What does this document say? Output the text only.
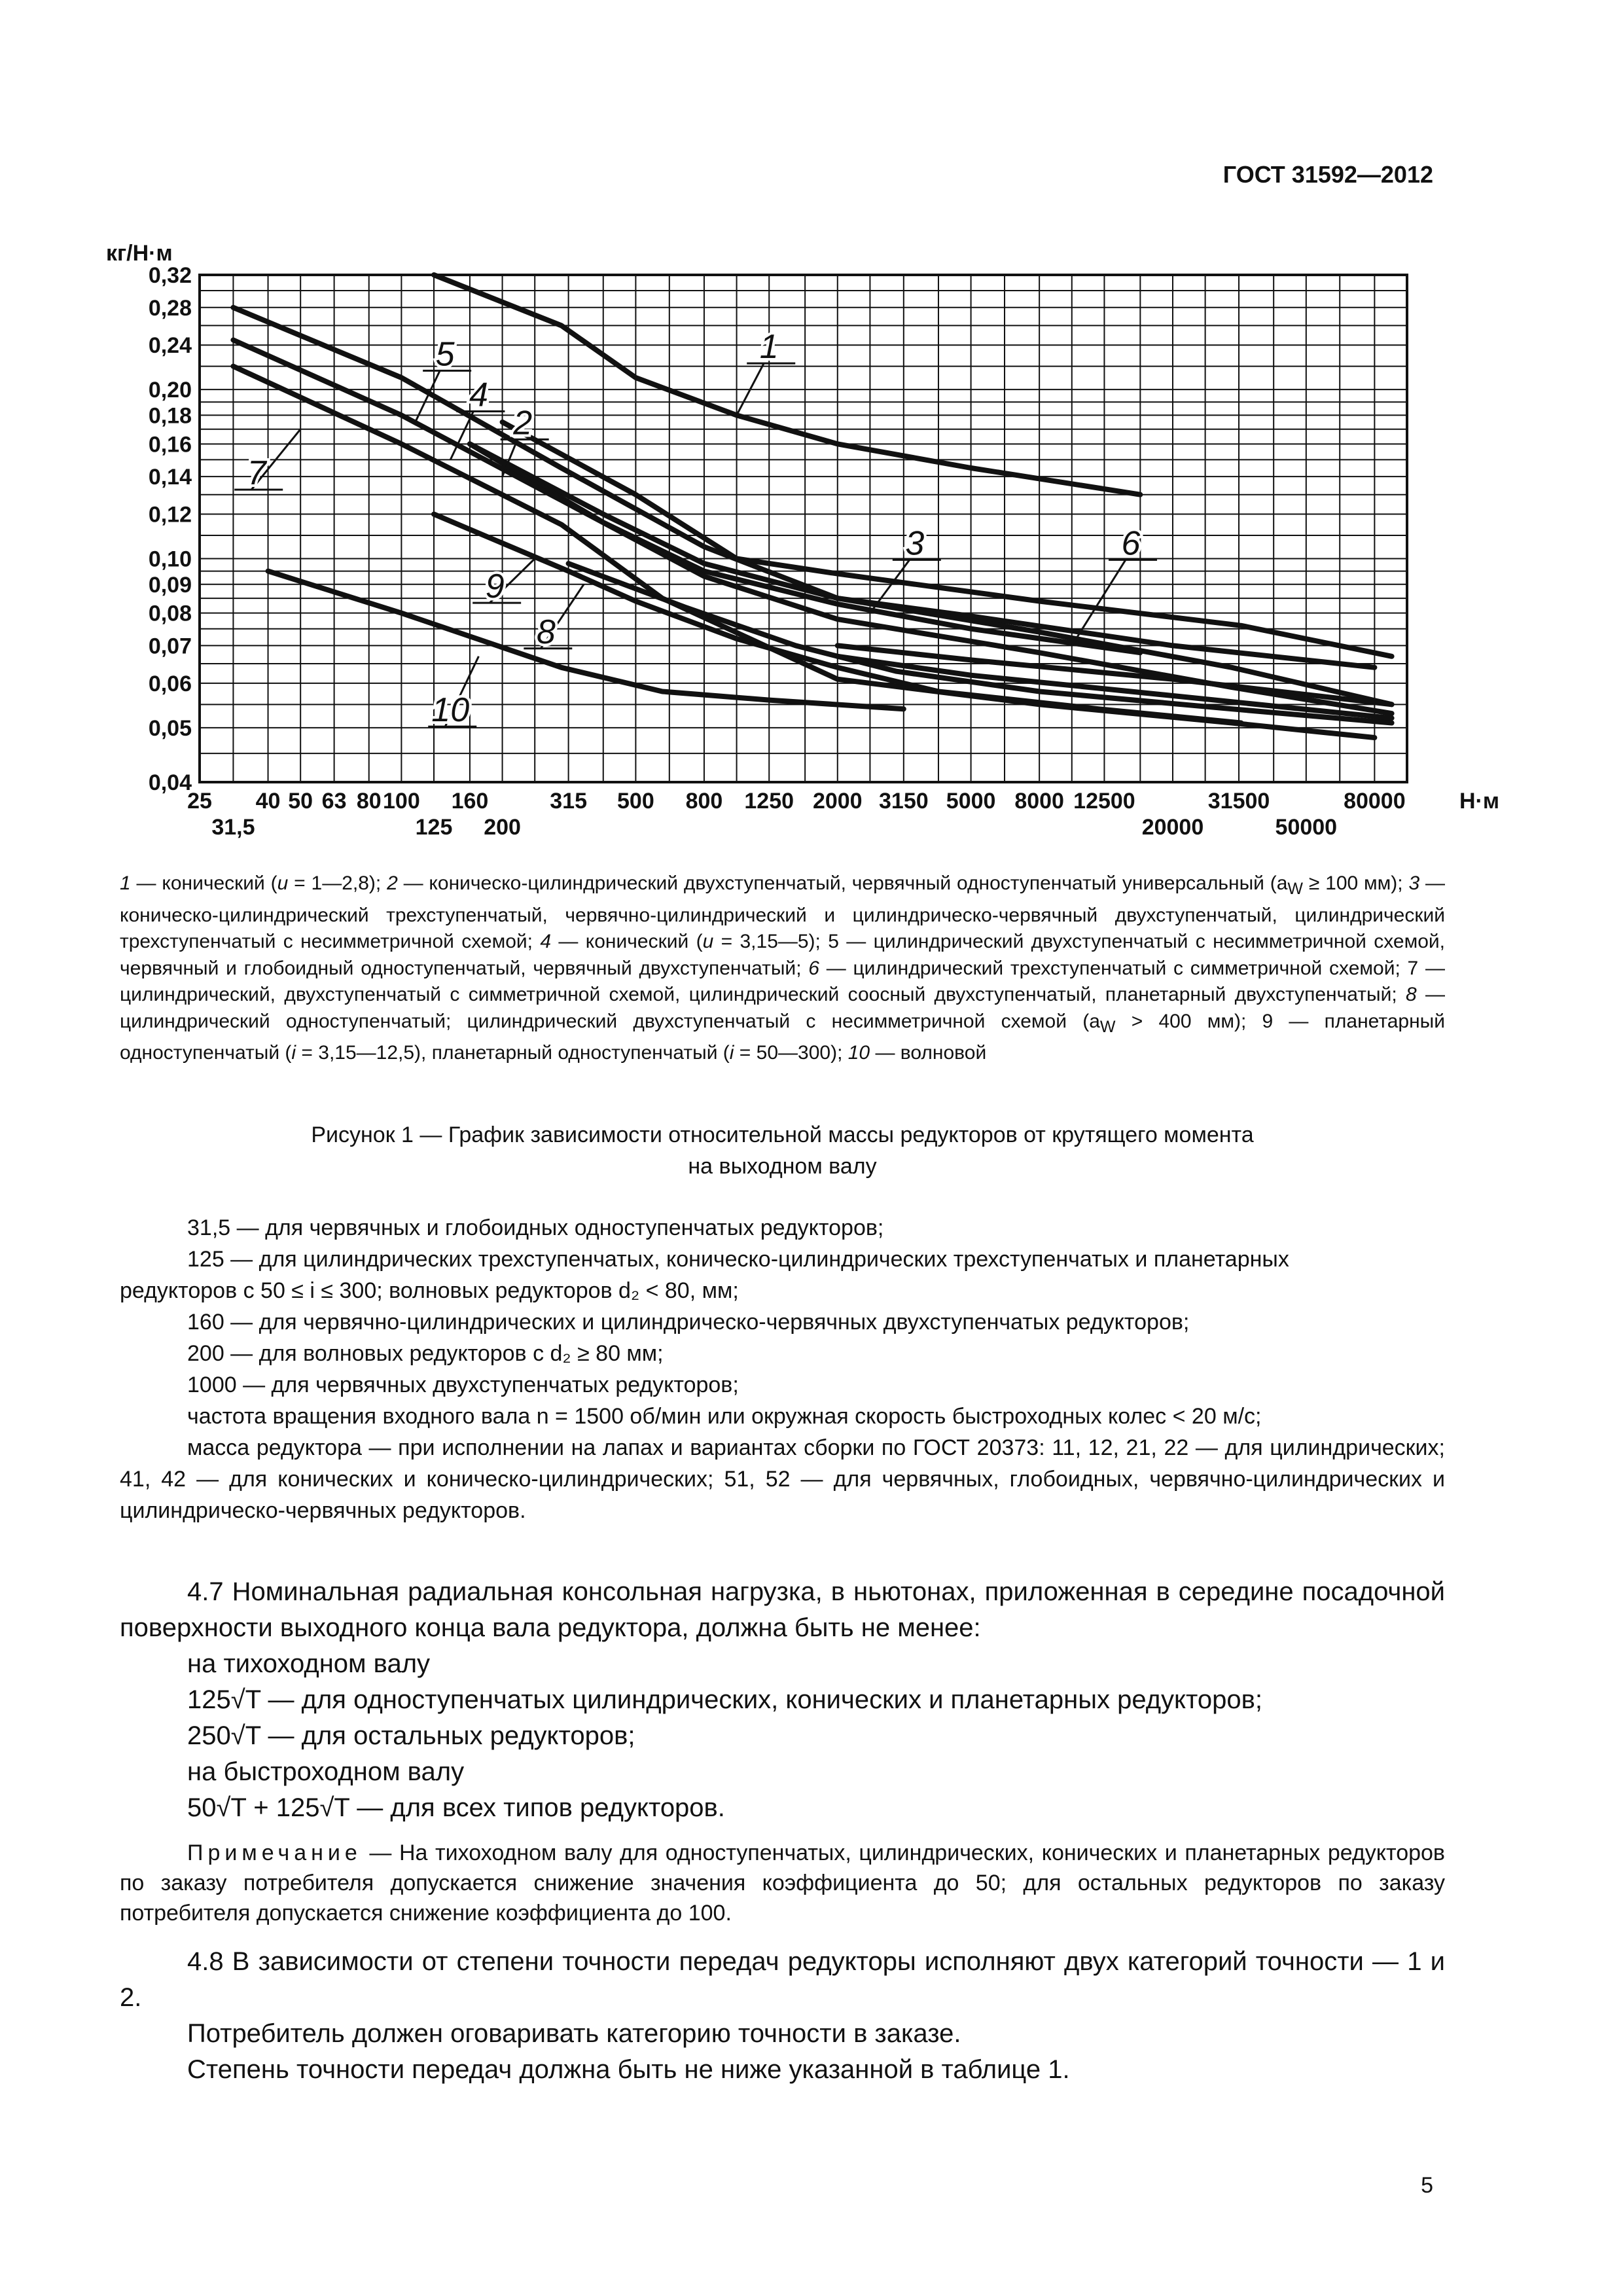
ГОСТ 31592—2012
1
2
3
4
5
6
7
8
9
10
0,32
0,28
0,24
0,20
0,18
0,16
0,14
0,12
0,10
0,09
0,08
0,07
0,06
0,05
0,04
кг/Н·м
25 40 50 63 80 100 160	315 500 800 1250 2000 3150 5000 8000 12500	31500	80000
31,5	125 200	20000	50000
Н·м
1 — конический (u = 1—2,8); 2 — коническо-цилиндрический двухступенчатый, червячный одноступенчатый универсальный ($a_W \ge 100$ мм); 3 — коническо-цилиндрический трехступенчатый, червячно-цилиндрический и цилиндрическо-червячный двухступенчатый, цилиндрический трехступенчатый с несимметричной схемой; 4 — конический (u = 3,15—5); 5 — цилиндрический двухступенчатый с несимметричной схемой, червячный и глобоидный одноступенчатый, червячный двухступенчатый; 6 — цилиндрический трехступенчатый с симметричной схемой; 7 — цилиндрический, двухступенчатый с симметричной схемой, цилиндрический соосный двухступенчатый, планетарный двухступенчатый; 8 — цилиндрический одноступенчатый; цилиндрический двухступенчатый с несимметричной схемой ($a_W > 400$ мм); 9 — планетарный одноступенчатый (i = 3,15—12,5), планетарный одноступенчатый (i = 50—300); 10 — волновой
Рисунок 1 — График зависимости относительной массы редукторов от крутящего момента
на выходном валу

31,5 — для червячных и глобоидных одноступенчатых редукторов;

125 — для цилиндрических трехступенчатых, коническо-цилиндрических трехступенчатых и планетарных

редукторов с 50 ≤ i ≤ 300; волновых редукторов d₂ < 80, мм;

160 — для червячно-цилиндрических и цилиндрическо-червячных двухступенчатых редукторов;

200 — для волновых редукторов с d₂ ≥ 80 мм;

1000 — для червячных двухступенчатых редукторов;

частота вращения входного вала n = 1500 об/мин или окружная скорость быстроходных колес < 20 м/с;

масса редуктора — при исполнении на лапах и вариантах сборки по ГОСТ 20373: 11, 12, 21, 22 — для цилиндрических; 41, 42 — для конических и коническо-цилиндрических; 51, 52 — для червячных, глобоидных, червячно-цилиндрических и цилиндрическо-червячных редукторов.

4.7 Номинальная радиальная консольная нагрузка, в ньютонах, приложенная в середине посадочной поверхности выходного конца вала редуктора, должна быть не менее:

на тихоходном валу

125√T — для одноступенчатых цилиндрических, конических и планетарных редукторов;

250√T — для остальных редукторов;

на быстроходном валу

50√T + 125√T — для всех типов редукторов.

Примечание — На тихоходном валу для одноступенчатых, цилиндрических, конических и планетарных редукторов по заказу потребителя допускается снижение значения коэффициента до 50; для остальных редукторов по заказу потребителя допускается снижение коэффициента до 100.

4.8 В зависимости от степени точности передач редукторы исполняют двух категорий точности — 1 и 2.

Потребитель должен оговаривать категорию точности в заказе.

Степень точности передач должна быть не ниже указанной в таблице 1.

5
